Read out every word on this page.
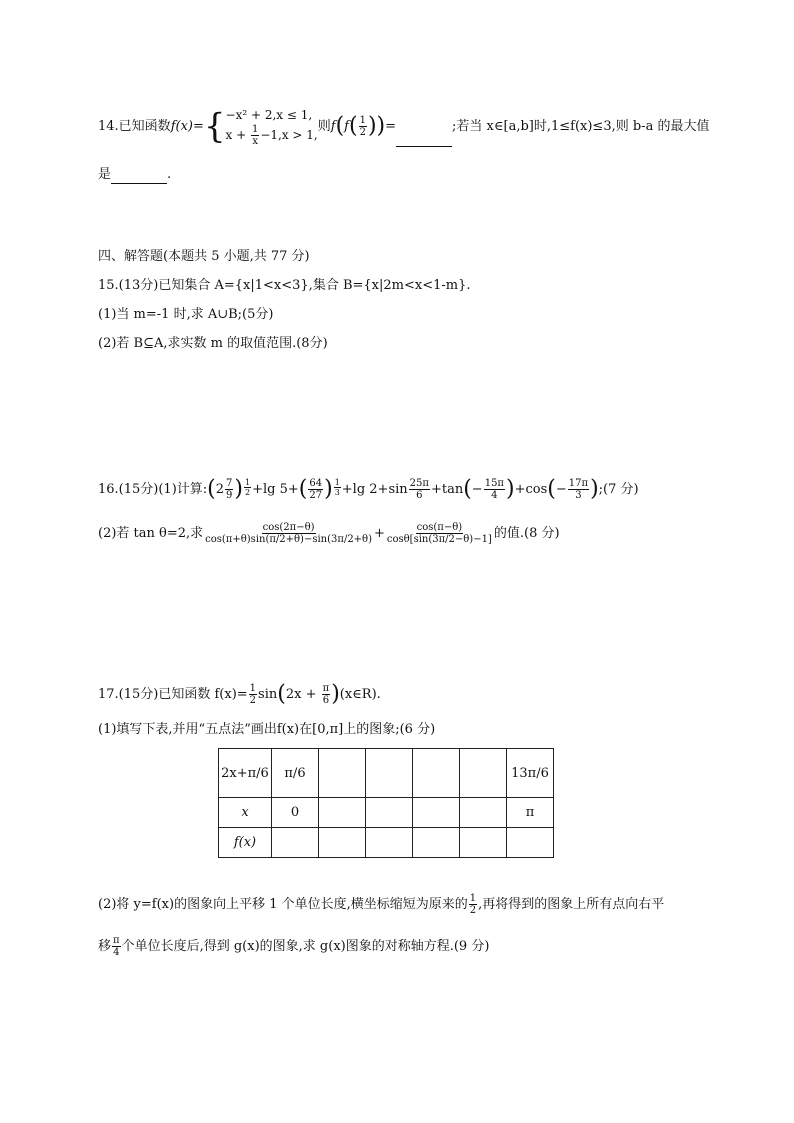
14.已知函数f(x)={ −x² + 2,x ≤ 1,
$x + \frac{1}{x} -1,x > 1$,
则$f(f( \frac{1}{2}$ ))=	;若当 x∈[a,b]时,1≤f(x)≤3,则 b-a 的最大值
是	.
四、解答题(本题共 5 小题,共 77 分)
15.(13分)已知集合 A={x|1<x<3},集合 B={x|2m<x<1-m}.
(1)当 m=-1 时,求 A∪B;(5分)
(2)若 B⊆A,求实数 m 的取值范围.(8分)
16.(15分)(1)计算:(2 $\frac{7}{9}$ ) $\frac{1}{2} +\lg$ $5+( \frac{64}{27}$ ) $\frac{1}{3} +\lg$ $2+\sin \frac{25\pi}{6} +\tan(- \frac{15\pi}{4} )+\cos(- \frac{17\pi}{3}$ );(7 分)
(2)若 tan θ=2,求 $\frac{\cos(2\pi-\theta)}{\cos(\pi+\theta)\sin(\pi/2+\theta)-\sin(3\pi/2+\theta)} + \frac{\cos(\pi-\theta)}{\cos\theta[\sin(3\pi/2-\theta)-1]}$ 的值.(8 分)
17.(15分)已知函数 $f(x)= \frac{1}{2} \sin(2x + \frac{\pi}{6}$ )(x∈R).
(1)填写下表,并用“五点法”画出f(x)在[0,π]上的图象;(6 分)
2x+π/6	π/6					13π/6
x	0					π
f(x)						
(2)将 y=f(x)的图象向上平移 1 个单位长度,横坐标缩短为原来的 $\frac{1}{2}$ ,再将得到的图象上所有点向右平
移 $\frac{\pi}{4}$ 个单位长度后,得到 g(x)的图象,求 g(x)图象的对称轴方程.(9 分)
